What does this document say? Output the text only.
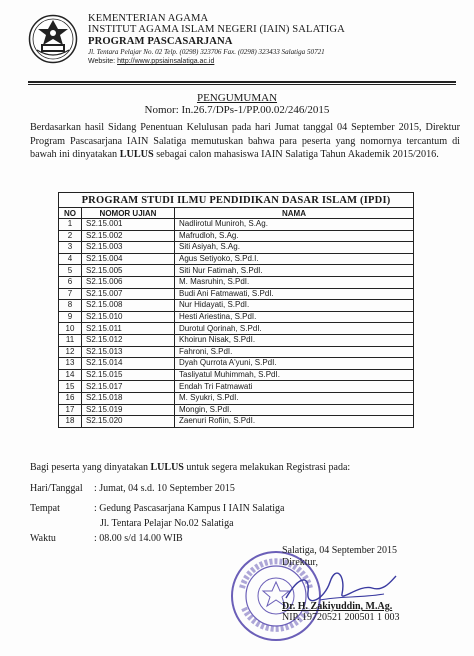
KEMENTERIAN AGAMA
INSTITUT AGAMA ISLAM NEGERI (IAIN) SALATIGA
PROGRAM PASCASARJANA
Jl. Tentara Pelajar No. 02 Telp. (0298) 323706 Fax. (0298) 323433 Salatiga 50721
Website: http://www.ppsiainsalatiga.ac.id
PENGUMUMAN
Nomor: In.26.7/DPs-1/PP.00.02/246/2015
Berdasarkan hasil Sidang Penentuan Kelulusan pada hari Jumat tanggal 04 September 2015, Direktur Program Pascasarjana IAIN Salatiga memutuskan bahwa para peserta yang nomornya tercantum di bawah ini dinyatakan LULUS sebagai calon mahasiswa IAIN Salatiga Tahun Akademik 2015/2016.
PROGRAM STUDI ILMU PENDIDIKAN DASAR ISLAM (IPDI)		
NO	NOMOR UJIAN	NAMA
1	S2.15.001	Nadlirotul Muniroh, S.Ag.
2	S2.15.002	Mafrudloh, S.Ag.
3	S2.15.003	Siti Asiyah, S.Ag.
4	S2.15.004	Agus Setiyoko, S.Pd.I.
5	S2.15.005	Siti Nur Fatimah, S.PdI.
6	S2.15.006	M. Masruhin, S.PdI.
7	S2.15.007	Budi Ani Fatmawati, S.PdI.
8	S2.15.008	Nur Hidayati, S.PdI.
9	S2.15.010	Hesti Ariestina, S.PdI.
10	S2.15.011	Durotul Qorinah, S.PdI.
11	S2.15.012	Khoirun Nisak, S.PdI.
12	S2.15.013	Fahroni, S.PdI.
13	S2.15.014	Dyah Qurrota A'yuni, S.PdI.
14	S2.15.015	Tasliyatul Muhimmah, S.PdI.
15	S2.15.017	Endah Tri Fatmawati
16	S2.15.018	M. Syukri, S.PdI.
17	S2.15.019	Mongin, S.PdI.
18	S2.15.020	Zaenuri Rofiin, S.PdI.
Bagi peserta yang dinyatakan LULUS untuk segera melakukan Registrasi pada:
Hari/Tanggal : Jumat, 04 s.d. 10 September 2015
Tempat	: Gedung Pascasarjana Kampus I IAIN Salatiga
Jl. Tentara Pelajar No.02 Salatiga
Waktu	: 08.00 s/d 14.00 WIB
Salatiga, 04 September 2015
Direktur,
Dr. H. Zakiyuddin, M.Ag.
NIP. 19720521 200501 1 003
